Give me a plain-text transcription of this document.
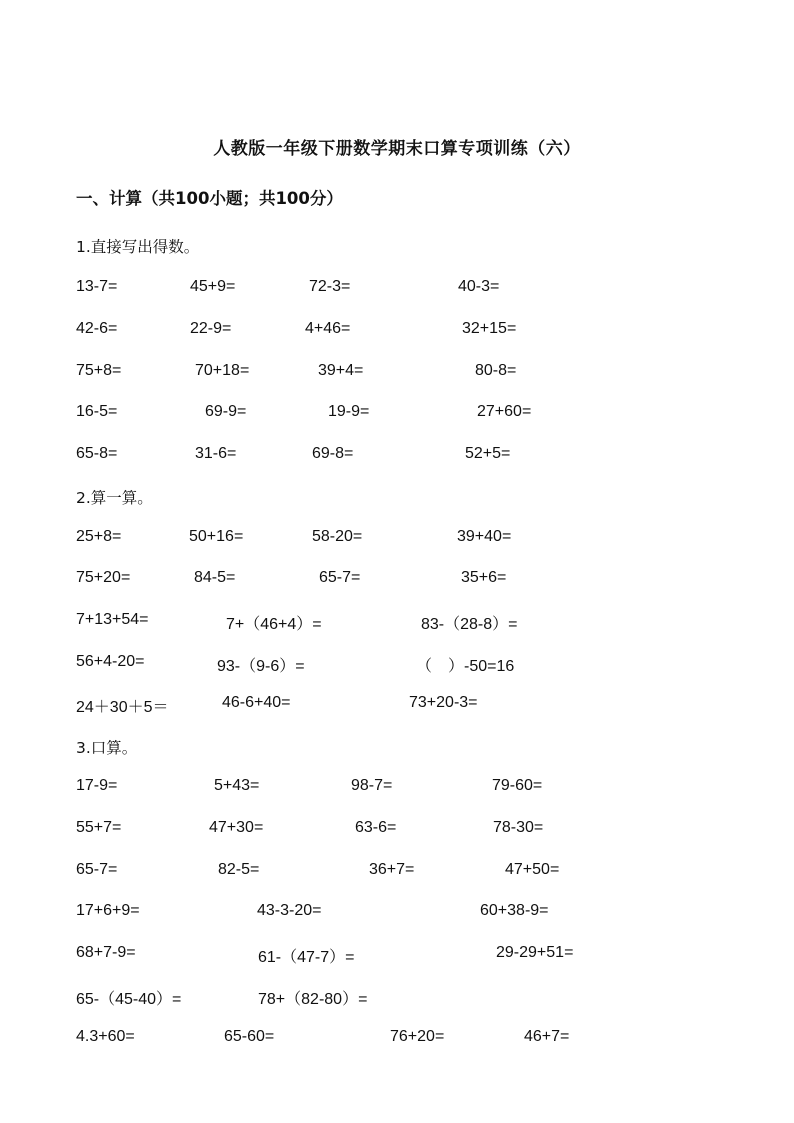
人教版一年级下册数学期末口算专项训练（六）
一、计算（共100小题；共100分）
1.直接写出得数。
13-7=	45+9=	72-3=	40-3=
42-6=	22-9=	4+46=	32+15=
75+8=	70+18=	39+4=	80-8=
16-5=	69-9=	19-9=	27+60=
65-8=	31-6=	69-8=	52+5=
2.算一算。
25+8=	50+16=	58-20=	39+40=
75+20=	84-5=	65-7=	35+6=
7+13+54=	7+（46+4）=	83-（28-8）=
56+4-20=	93-（9-6）=	（　）-50=16
24＋30＋5＝	46-6+40=	73+20-3=
3.口算。
17-9=	5+43=	98-7=	79-60=
55+7=	47+30=	63-6=	78-30=
65-7=	82-5=	36+7=	47+50=
17+6+9=	43-3-20=	60+38-9=
68+7-9=	61-（47-7）=	29-29+51=
65-（45-40）=	78+（82-80）=
4.3+60=	65-60=	76+20=	46+7=
